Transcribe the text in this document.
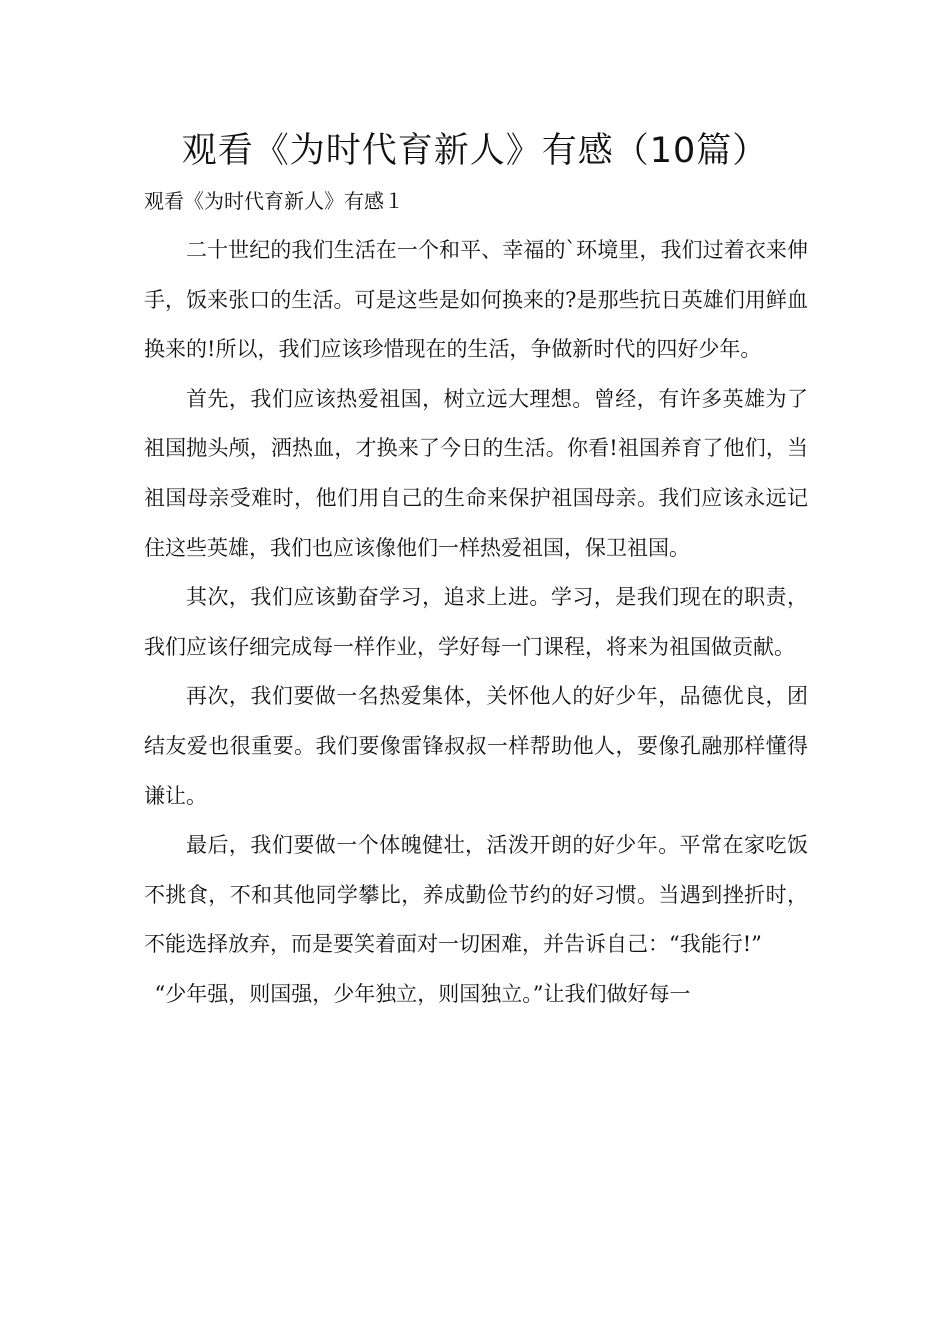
观看《为时代育新人》有感（10篇）
观看《为时代育新人》有感１

二十世纪的我们生活在一个和平、幸福的`环境里，我们过着衣来伸手，饭来张口的生活。可是这些是如何换来的?是那些抗日英雄们用鲜血换来的!所以，我们应该珍惜现在的生活，争做新时代的四好少年。

首先，我们应该热爱祖国，树立远大理想。曾经，有许多英雄为了祖国抛头颅，洒热血，才换来了今日的生活。你看!祖国养育了他们，当祖国母亲受难时，他们用自己的生命来保护祖国母亲。我们应该永远记住这些英雄，我们也应该像他们一样热爱祖国，保卫祖国。

其次，我们应该勤奋学习，追求上进。学习，是我们现在的职责，我们应该仔细完成每一样作业，学好每一门课程，将来为祖国做贡献。

再次，我们要做一名热爱集体，关怀他人的好少年，品德优良，团结友爱也很重要。我们要像雷锋叔叔一样帮助他人，要像孔融那样懂得谦让。

最后，我们要做一个体魄健壮，活泼开朗的好少年。平常在家吃饭不挑食，不和其他同学攀比，养成勤俭节约的好习惯。当遇到挫折时，不能选择放弃，而是要笑着面对一切困难，并告诉自己：“我能行!”

“少年强，则国强，少年独立，则国独立。”让我们做好每一
